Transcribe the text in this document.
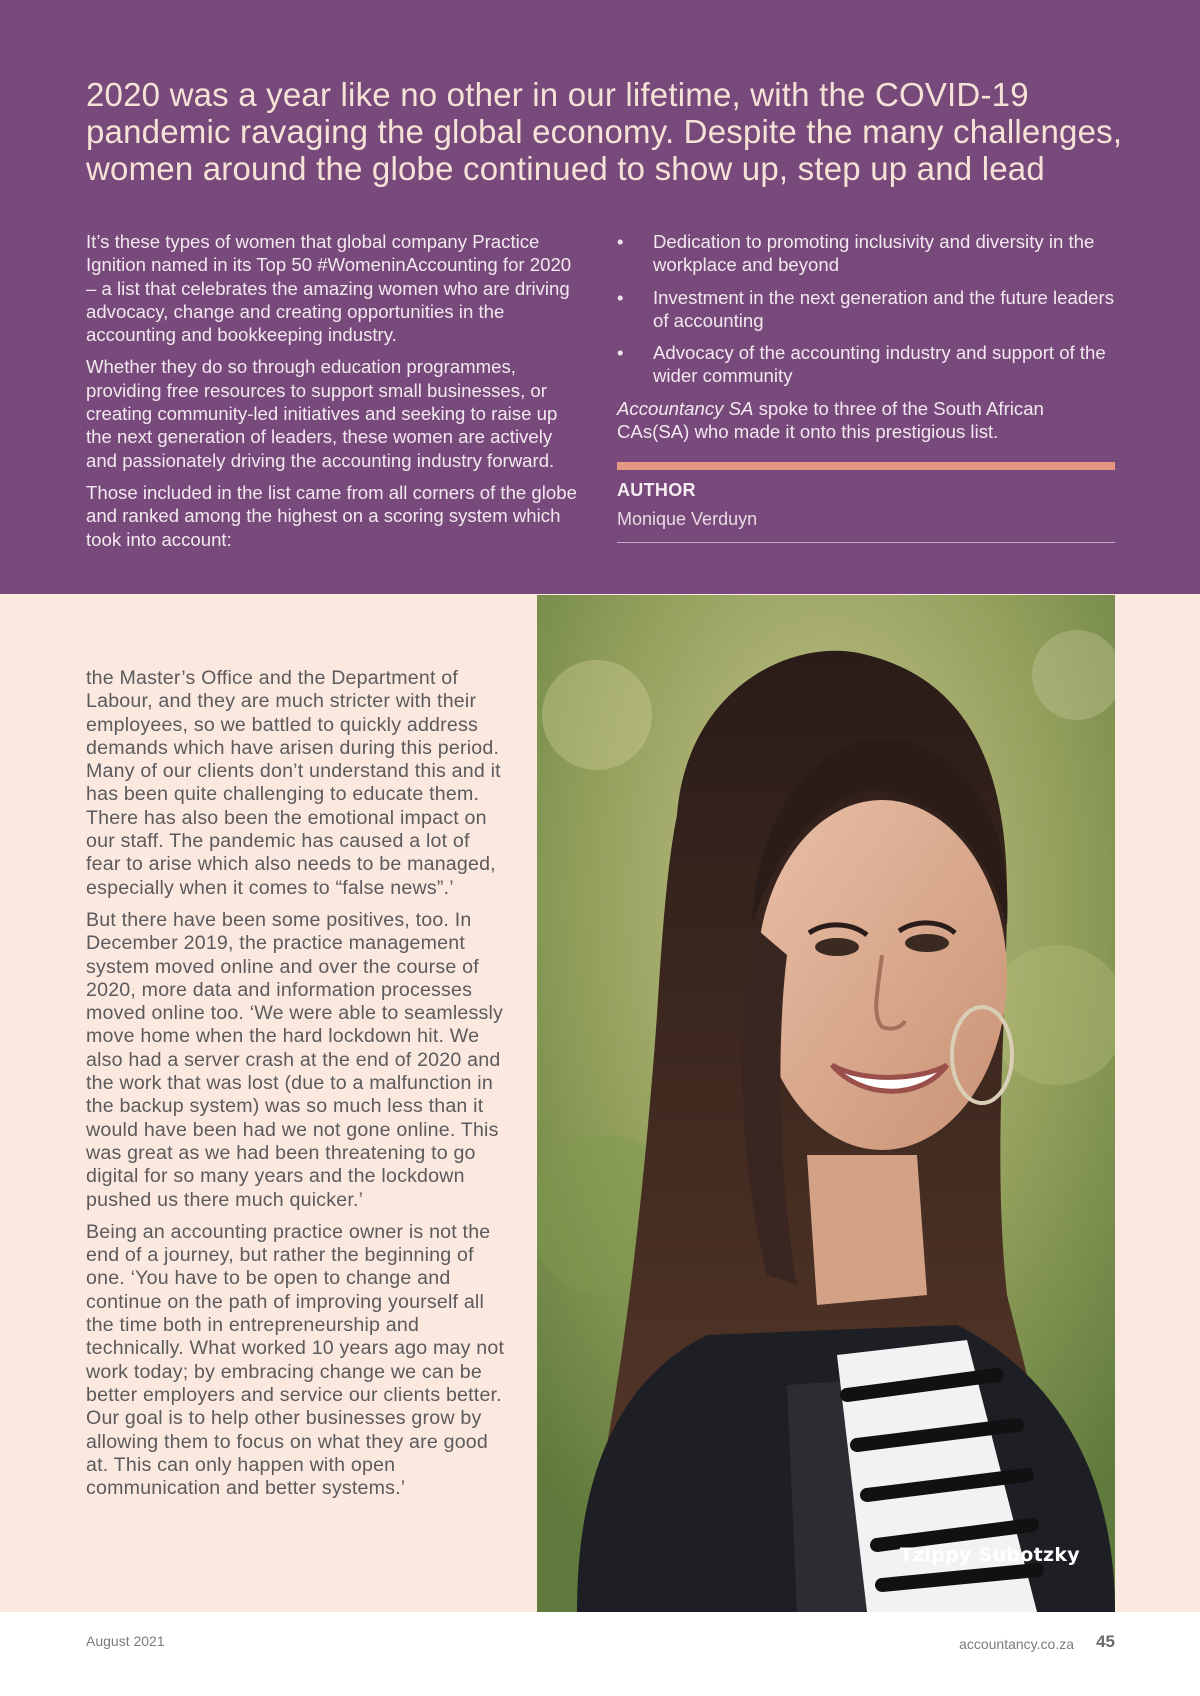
2020 was a year like no other in our lifetime, with the COVID-19 pandemic ravaging the global economy. Despite the many challenges, women around the globe continued to show up, step up and lead

It’s these types of women that global company Practice Ignition named in its Top 50 #WomeninAccounting for 2020 – a list that celebrates the amazing women who are driving advocacy, change and creating opportunities in the accounting and bookkeeping industry.

Whether they do so through education programmes, providing free resources to support small businesses, or creating community-led initiatives and seeking to raise up the next generation of leaders, these women are actively and passionately driving the accounting industry forward.

Those included in the list came from all corners of the globe and ranked among the highest on a scoring system which took into account:

• Dedication to promoting inclusivity and diversity in the workplace and beyond
• Investment in the next generation and the future leaders of accounting
• Advocacy of the accounting industry and support of the wider community

Accountancy SA spoke to three of the South African CAs(SA) who made it onto this prestigious list.

AUTHOR
Monique Verduyn

the Master’s Office and the Department of Labour, and they are much stricter with their employees, so we battled to quickly address demands which have arisen during this period. Many of our clients don’t understand this and it has been quite challenging to educate them. There has also been the emotional impact on our staff. The pandemic has caused a lot of fear to arise which also needs to be managed, especially when it comes to “false news”.’

But there have been some positives, too. In December 2019, the practice management system moved online and over the course of 2020, more data and information processes moved online too. ‘We were able to seamlessly move home when the hard lockdown hit. We also had a server crash at the end of 2020 and the work that was lost (due to a malfunction in the backup system) was so much less than it would have been had we not gone online. This was great as we had been threatening to go digital for so many years and the lockdown pushed us there much quicker.’

Being an accounting practice owner is not the end of a journey, but rather the beginning of one. ‘You have to be open to change and continue on the path of improving yourself all the time both in entrepreneurship and technically. What worked 10 years ago may not work today; by embracing change we can be better employers and service our clients better. Our goal is to help other businesses grow by allowing them to focus on what they are good at. This can only happen with open communication and better systems.’

Tzippy Subotzky
August 2021	accountancy.co.za 45
